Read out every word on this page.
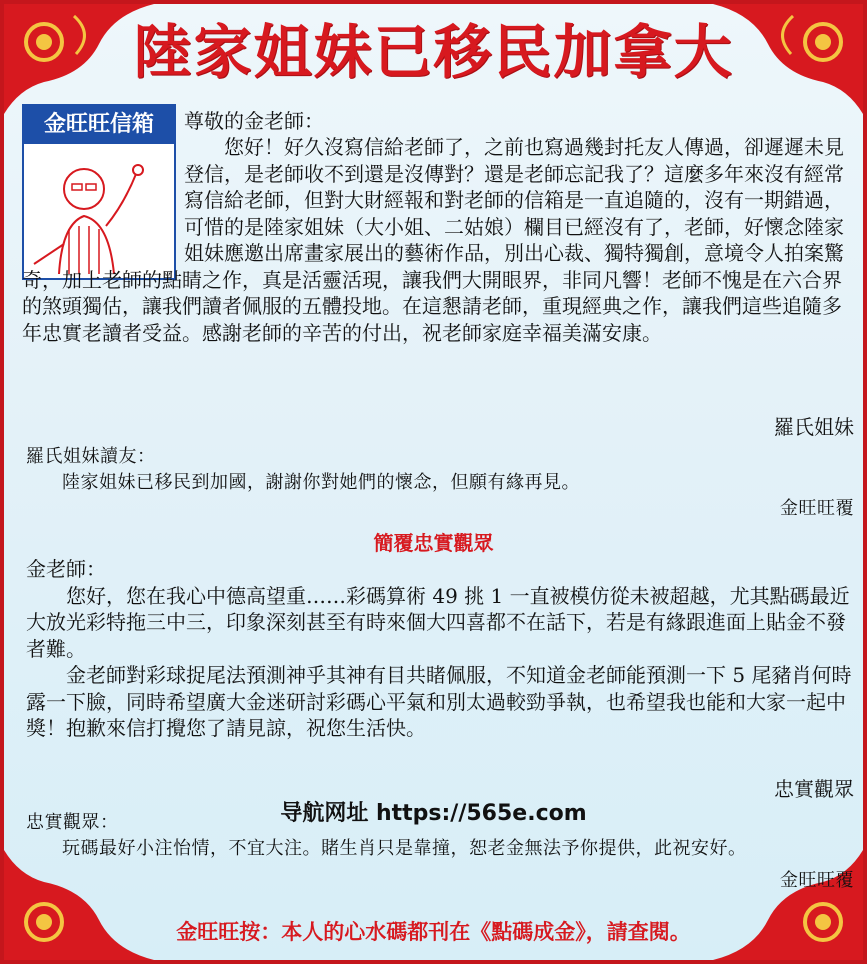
陸家姐妹已移民加拿大
金旺旺信箱	尊敬的金老師：
　　您好！好久沒寫信給老師了，之前也寫過幾封托友人傳過，卻遲遲未見登信，是老師收不到還是沒傳對？還是老師忘記我了？這麼多年來沒有經常寫信給老師，但對大財經報和對老師的信箱是一直追隨的，沒有一期錯過，可惜的是陸家姐妹（大小姐、二姑娘）欄目已經沒有了，老師，好懷念陸家姐妹應邀出席畫家展出的藝術作品，別出心裁、獨特獨創，意境令人拍案驚奇，加上老師的點睛之作，真是活靈活現，讓我們大開眼界，非同凡響！老師不愧是在六合界的煞頭獨估，讓我們讀者佩服的五體投地。在這懇請老師，重現經典之作，讓我們這些追隨多年忠實老讀者受益。感謝老師的辛苦的付出，祝老師家庭幸福美滿安康。
羅氏姐妹

羅氏姐妹讀友：

陸家姐妹已移民到加國，謝謝你對她們的懷念，但願有緣再見。

金旺旺覆

簡覆忠實觀眾

金老師：

您好，您在我心中德高望重……彩碼算術 49 挑 1 一直被模仿從未被超越，尤其點碼最近大放光彩特拖三中三，印象深刻甚至有時來個大四喜都不在話下，若是有緣跟進面上貼金不發者難。

金老師對彩球捉尾法預測神乎其神有目共睹佩服，不知道金老師能預測一下 5 尾豬肖何時露一下臉，同時希望廣大金迷研討彩碼心平氣和別太過較勁爭執，也希望我也能和大家一起中獎！抱歉來信打攪您了請見諒，祝您生活快。

忠實觀眾
导航网址 https://565e.com

忠實觀眾：

玩碼最好小注怡情，不宜大注。賭生肖只是靠撞，恕老金無法予你提供，此祝安好。

金旺旺覆

金旺旺按：本人的心水碼都刊在《點碼成金》，請查閱。
